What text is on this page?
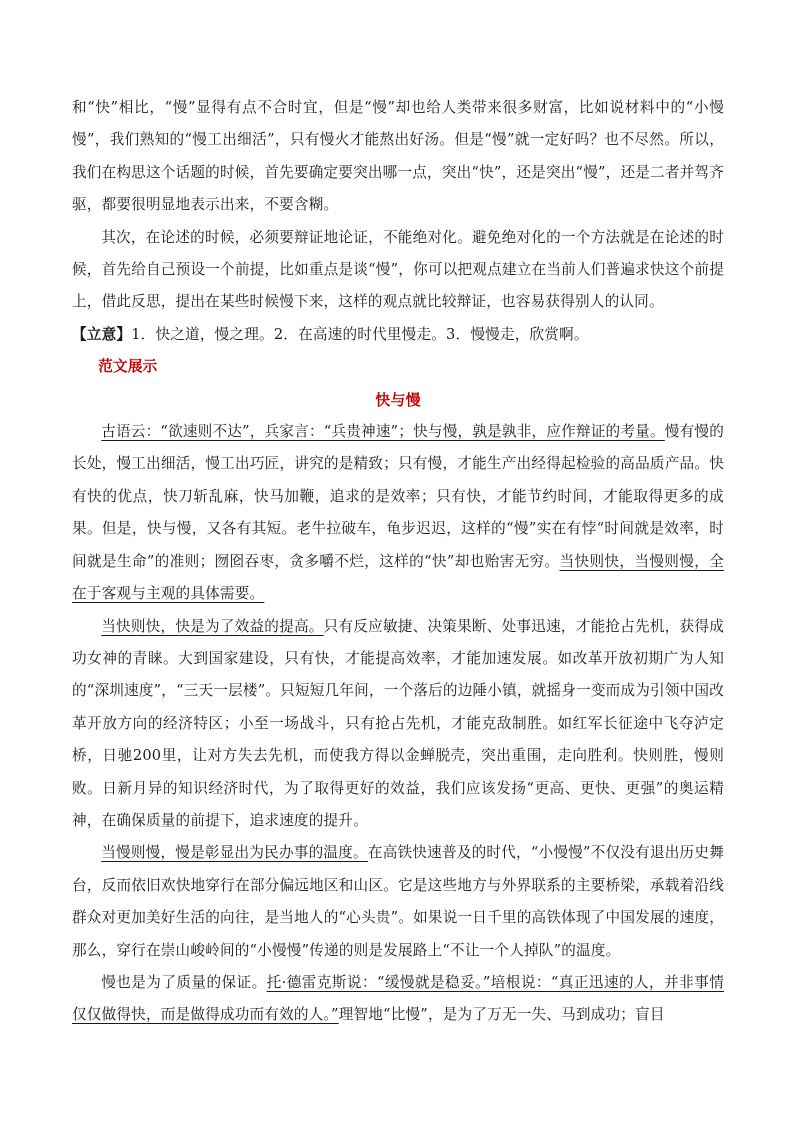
和“快”相比，“慢”显得有点不合时宜，但是“慢”却也给人类带来很多财富，比如说材料中的“小慢慢”，我们熟知的“慢工出细活”，只有慢火才能熬出好汤。但是“慢”就一定好吗？也不尽然。所以，我们在构思这个话题的时候，首先要确定要突出哪一点，突出“快”，还是突出“慢”，还是二者并驾齐驱，都要很明显地表示出来，不要含糊。

其次，在论述的时候，必须要辩证地论证，不能绝对化。避免绝对化的一个方法就是在论述的时候，首先给自己预设一个前提，比如重点是谈“慢”，你可以把观点建立在当前人们普遍求快这个前提上，借此反思，提出在某些时候慢下来，这样的观点就比较辩证，也容易获得别人的认同。

【立意】1．快之道，慢之理。2．在高速的时代里慢走。3．慢慢走，欣赏啊。

范文展示

快与慢

古语云：“欲速则不达”，兵家言：“兵贵神速”；快与慢，孰是孰非，应作辩证的考量。慢有慢的长处，慢工出细活，慢工出巧匠，讲究的是精致；只有慢，才能生产出经得起检验的高品质产品。快有快的优点，快刀斩乱麻，快马加鞭，追求的是效率；只有快，才能节约时间，才能取得更多的成果。但是，快与慢，又各有其短。老牛拉破车，龟步迟迟，这样的“慢”实在有悖“时间就是效率，时间就是生命”的准则；囫囵吞枣，贪多嚼不烂，这样的“快”却也贻害无穷。当快则快，当慢则慢，全在于客观与主观的具体需要。

当快则快，快是为了效益的提高。只有反应敏捷、决策果断、处事迅速，才能抢占先机，获得成功女神的青睐。大到国家建设，只有快，才能提高效率，才能加速发展。如改革开放初期广为人知的“深圳速度”，“三天一层楼”。只短短几年间，一个落后的边陲小镇，就摇身一变而成为引领中国改革开放方向的经济特区；小至一场战斗，只有抢占先机，才能克敌制胜。如红军长征途中飞夺泸定桥，日驰200里，让对方失去先机，而使我方得以金蝉脱壳，突出重围，走向胜利。快则胜，慢则败。日新月异的知识经济时代，为了取得更好的效益，我们应该发扬“更高、更快、更强”的奥运精神，在确保质量的前提下，追求速度的提升。

当慢则慢，慢是彰显出为民办事的温度。在高铁快速普及的时代，“小慢慢”不仅没有退出历史舞台，反而依旧欢快地穿行在部分偏远地区和山区。它是这些地方与外界联系的主要桥梁，承载着沿线群众对更加美好生活的向往，是当地人的“心头贵”。如果说一日千里的高铁体现了中国发展的速度，那么，穿行在崇山峻岭间的“小慢慢”传递的则是发展路上“不让一个人掉队”的温度。

慢也是为了质量的保证。托·德雷克斯说：“缓慢就是稳妥。”培根说：“真正迅速的人，并非事情仅仅做得快，而是做得成功而有效的人。”理智地“比慢”，是为了万无一失、马到成功；盲目
